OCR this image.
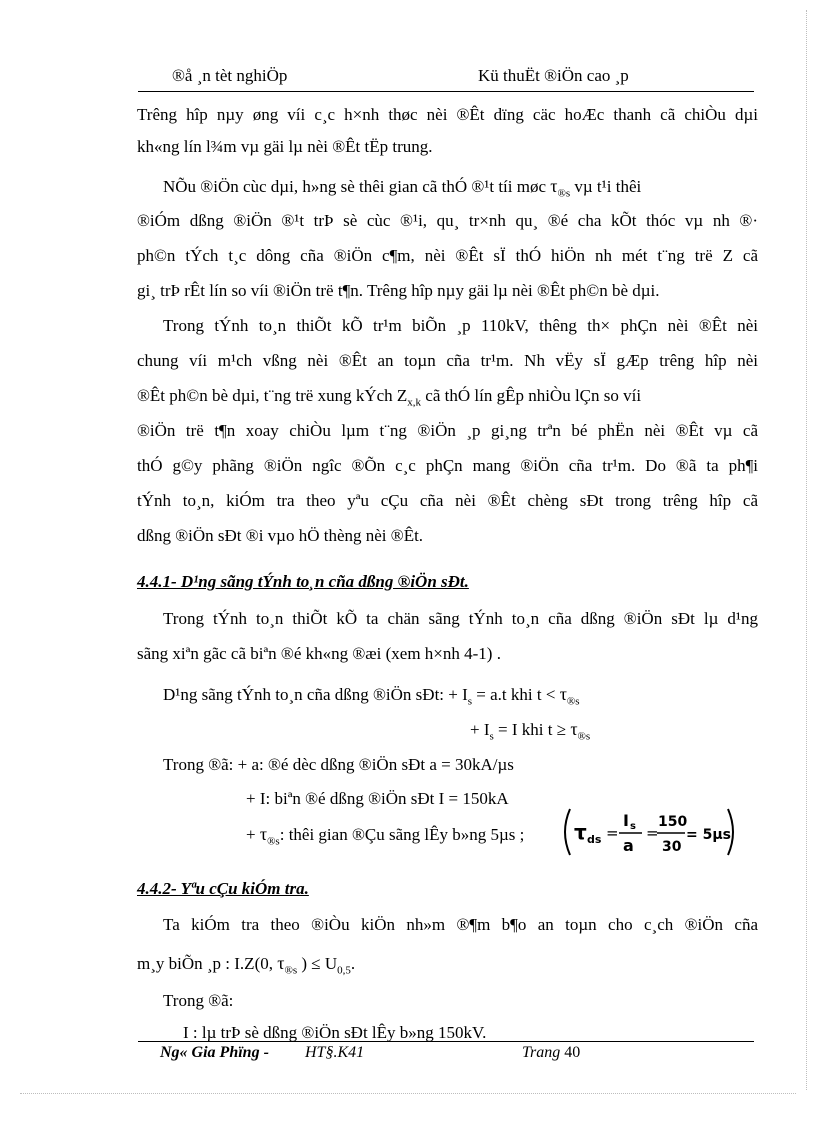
®å ¸n tèt nghiÖp	Kü thuËt ®iÖn cao ¸p
Trêng hîp nµy øng víi c¸c h×nh thøc nèi ®Êt dïng cäc hoÆc thanh cã chiÒu dµi
kh«ng lín l¾m vµ gäi lµ nèi ®Êt tËp trung.
NÕu ®iÖn cùc dµi, h»ng sè thêi gian cã thÓ ®¹t tíi møc $\tau_{®s}$ vµ t¹i thêi
®iÓm dßng ®iÖn ®¹t trÞ sè cùc ®¹i, qu¸ tr×nh qu¸ ®é cha kÕt thóc vµ nh ®·
ph©n tÝch t¸c dông cña ®iÖn c¶m, nèi ®Êt sÏ thÓ hiÖn nh mét t¨ng trë Z cã
gi¸ trÞ rÊt lín so víi ®iÖn trë t¶n. Trêng hîp nµy gäi lµ nèi ®Êt ph©n bè dµi.
Trong tÝnh to¸n thiÕt kÕ tr¹m biÕn ¸p 110kV, thêng th× phÇn nèi ®Êt nèi
chung víi m¹ch vßng nèi ®Êt an toµn cña tr¹m. Nh vËy sÏ gÆp trêng hîp nèi
®Êt ph©n bè dµi, t¨ng trë xung kÝch $Z_{x,k}$ cã thÓ lín gÊp nhiÒu lÇn so víi
®iÖn trë t¶n xoay chiÒu lµm t¨ng ®iÖn ¸p gi¸ng trªn bé phËn nèi ®Êt vµ cã
thÓ g©y phãng ®iÖn ngîc ®Õn c¸c phÇn mang ®iÖn cña tr¹m. Do ®ã ta ph¶i
tÝnh to¸n, kiÓm tra theo yªu cÇu cña nèi ®Êt chèng sÐt trong trêng hîp cã
dßng ®iÖn sÐt ®i vµo hÖ thèng nèi ®Êt.
4.4.1- D¹ng sãng tÝnh to¸n cña dßng ®iÖn sÐt.
Trong tÝnh to¸n thiÕt kÕ ta chän sãng tÝnh to¸n cña dßng ®iÖn sÐt lµ d¹ng
sãng xiªn gãc cã biªn ®é kh«ng ®æi (xem h×nh 4-1) .
D¹ng sãng tÝnh to¸n cña dßng ®iÖn sÐt: + $I_s = a.t$ khi $t < \tau_{®s}$
+ $I_s = I$ khi $t \ge \tau_{®s}$
Trong ®ã: + a: ®é dèc dßng ®iÖn sÐt a = 30kA/µs
+ I: biªn ®é dßng ®iÖn sÐt I = 150kA
+ $\tau_{®s}$: thêi gian ®Çu sãng lÊy b»ng 5µs ; τ ds =
I s
a
=
150
30
= 5µs
4.4.2- Yªu cÇu kiÓm tra.
Ta kiÓm tra theo ®iÒu kiÖn nh»m ®¶m b¶o an toµn cho c¸ch ®iÖn cña
m¸y biÕn ¸p : I.Z(0, $\tau_{®s}$ ) ≤ $U_{0,5}$.
Trong ®ã:
I : lµ trÞ sè dßng ®iÖn sÐt lÊy b»ng 150kV.
Ng« Gia Phïng - HT§.K41	Trang 40
